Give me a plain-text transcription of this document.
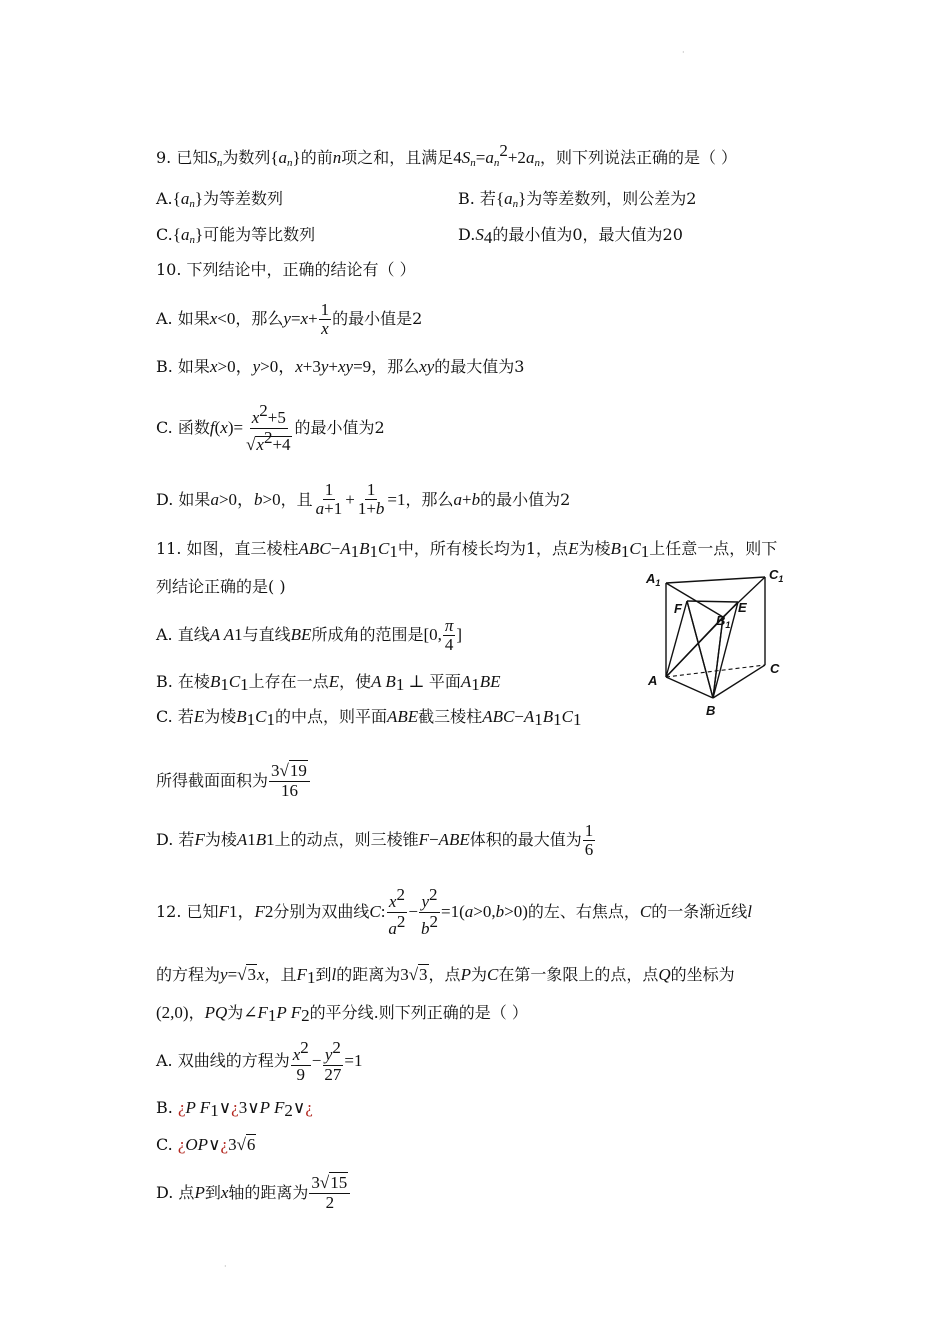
·
9. 已知$S_n$为数列$\{a_n\}$的前n项之和，且满足$4S_n=a_n^2+2a_n$，则下列说法正确的是（ ）
$A.\{a_n\}$为等差数列	B. 若$\{a_n\}$为等差数列，则公差为2
$C.\{a_n\}$可能为等比数列	$D.S_4$的最小值为0，最大值为20
10. 下列结论中，正确的结论有（ ）
A. 如果 x <0 ，那么 $y = x + \frac{1}{x}$ 的最小值是2
B. 如果x>0，y>0，x+3y+xy=9，那么xy的最大值为3
C. 函数 f ( x )= $\frac{x^2+5}{√x^2+4}$ 的最小值为2
D. 如果 a >0， b >0 ，且 $\frac{1}{a+1} + \frac{1}{1+b} =1$ ，那么 a + b 的最小值为2
11. 如图，直三棱柱$ABC-A_1B_1C_1$中，所有棱长均为1，点E为棱$B_1C_1$上任意一点，则下
列结论正确的是( )
A. 直线 A A 1 与直线 BE 所成角的范围是 [0, $\frac{\pi}{4}$ ]
B. 在棱$B_1C_1$上存在一点E，使A $B_1$ ⊥ 平面$A_1BE$
C. 若E为棱$B_1C_1$的中点，则平面ABE截三棱柱$ABC-A_1B_1C_1$
所得截面面积为 $\frac{3√19}{16}$
D. 若 F 为棱 A 1 B 1 上的动点，则三棱锥 F − ABE 体积的最大值为 $\frac{1}{6}$
$A_1$
$C_1$
F	E
$B_1$
A
C
B
12. 已知 F 1 ， F 2 分别为双曲线 C : $\frac{x^2}{a^2} - \frac{y^2}{b^2} =1$( a >0, b >0) 的左、右焦点， C 的一条渐近线 l
的方程为y=√3x，且$F_1$到l的距离为3√3，点P为C在第一象限上的点，点Q的坐标为
(2,0)，PQ为$\angle F_1P$ $F_2$的平分线.则下列正确的是（ ）
A. 双曲线的方程为 $\frac{x^2}{9} - \frac{y^2}{27} =1$
B. ¿P $F_1\vee¿3\vee P$ $F_2\vee¿$
C. ¿OP∨¿3√6
D. 点 P 到 x 轴的距离为 $\frac{3√15}{2}$
·
